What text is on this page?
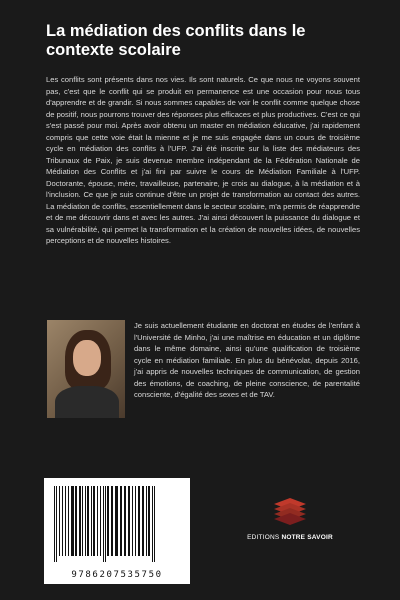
La médiation des conflits dans le contexte scolaire

Les conflits sont présents dans nos vies. Ils sont naturels. Ce que nous ne voyons souvent pas, c'est que le conflit qui se produit en permanence est une occasion pour nous tous d'apprendre et de grandir. Si nous sommes capables de voir le conflit comme quelque chose de positif, nous pourrons trouver des réponses plus efficaces et plus productives. C'est ce qui s'est passé pour moi. Après avoir obtenu un master en médiation éducative, j'ai rapidement compris que cette voie était la mienne et je me suis engagée dans un cours de troisième cycle en médiation des conflits à l'UFP. J'ai été inscrite sur la liste des médiateurs des Tribunaux de Paix, je suis devenue membre indépendant de la Fédération Nationale de Médiation des Conflits et j'ai fini par suivre le cours de Médiation Familiale à l'UFP. Doctorante, épouse, mère, travailleuse, partenaire, je crois au dialogue, à la médiation et à l'inclusion. Ce que je suis continue d'être un projet de transformation au contact des autres. La médiation de conflits, essentiellement dans le secteur scolaire, m'a permis de réapprendre et de me découvrir dans et avec les autres. J'ai ainsi découvert la puissance du dialogue et sa vulnérabilité, qui permet la transformation et la création de nouvelles idées, de nouvelles perceptions et de nouvelles histoires.

Je suis actuellement étudiante en doctorat en études de l'enfant à l'Université de Minho, j'ai une maîtrise en éducation et un diplôme dans le même domaine, ainsi qu'une qualification de troisième cycle en médiation familiale. En plus du bénévolat, depuis 2016, j'ai appris de nouvelles techniques de communication, de gestion des émotions, de coaching, de pleine conscience, de parentalité consciente, d'égalité des sexes et de TAV.

9786207535750
EDITIONS NOTRE SAVOIR
